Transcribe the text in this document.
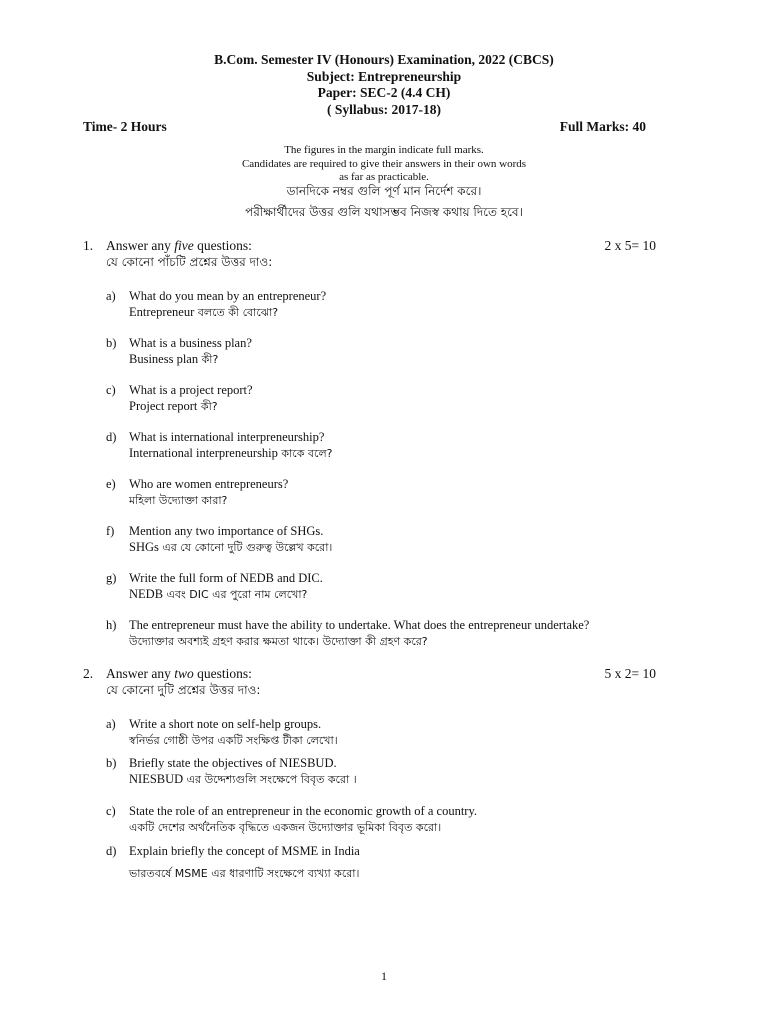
B.Com. Semester IV (Honours) Examination, 2022 (CBCS)
Subject: Entrepreneurship
Paper: SEC-2 (4.4 CH)
( Syllabus: 2017-18)
Time- 2 Hours	Full Marks: 40
The figures in the margin indicate full marks.
Candidates are required to give their answers in their own words
as far as practicable.
ডানদিকে নম্বর গুলি পূর্ণ মান নির্দেশ করে।
পরীক্ষার্থীদের উত্তর গুলি যথাসম্ভব নিজস্ব কথায় দিতে হবে।
1. Answer any five questions:	2 x 5= 10
যে কোনো পাঁচটি প্রশ্নের উত্তর দাও:
a) What do you mean by an entrepreneur?
Entrepreneur বলতে কী বোঝো?
b) What is a business plan?
Business plan কী?
c) What is a project report?
Project report কী?
d) What is international interpreneurship?
International interpreneurship কাকে বলে?
e) Who are women entrepreneurs?
মহিলা উদ্যোক্তা কারা?
f) Mention any two importance of SHGs.
SHGs এর যে কোনো দুটি গুরুত্ব উল্লেখ করো।
g) Write the full form of NEDB and DIC.
NEDB এবং DIC এর পুরো নাম লেখো?
h) The entrepreneur must have the ability to undertake. What does the entrepreneur undertake?
উদ্যোক্তার অবশ্যই গ্রহণ করার ক্ষমতা থাকে। উদ্যোক্তা কী গ্রহণ করে?
2. Answer any two questions:	5 x 2= 10
যে কোনো দুটি প্রশ্নের উত্তর দাও:
a) Write a short note on self-help groups.
স্বনির্ভর গোষ্ঠী উপর একটি সংক্ষিপ্ত টীকা লেখো।
b) Briefly state the objectives of NIESBUD.
NIESBUD এর উদ্দেশ্যগুলি সংক্ষেপে বিবৃত করো ।
c) State the role of an entrepreneur in the economic growth of a country.
একটি দেশের অর্থনৈতিক বৃদ্ধিতে একজন উদ্যোক্তার ভূমিকা বিবৃত করো।
d) Explain briefly the concept of MSME in India
ভারতবর্ষে MSME এর ধারণাটি সংক্ষেপে ব্যখ্যা করো।
1
